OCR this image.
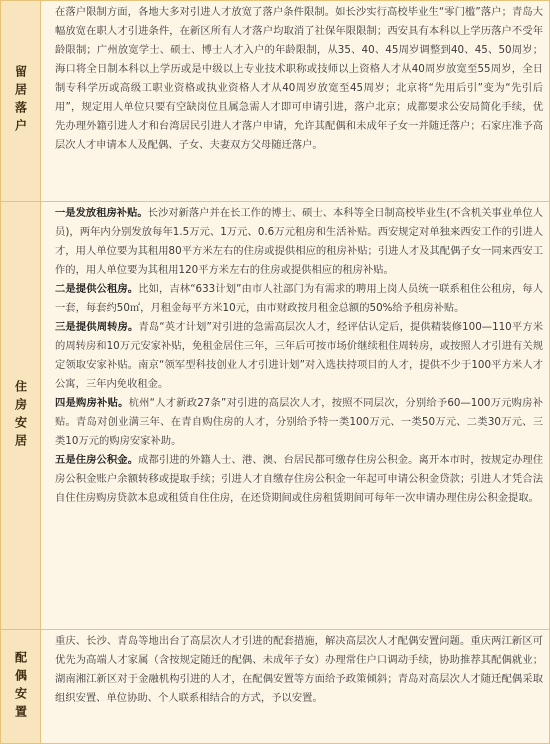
留居落户

在落户限制方面，各地大多对引进人才放宽了落户条件限制。如长沙实行高校毕业生“零门槛”落户；青岛大幅放宽在职人才引进条件，在新区所有人才落户均取消了社保年限限制；西安具有本科以上学历落户不受年龄限制；广州放宽学士、硕士、博士人才入户的年龄限制，从35、40、45周岁调整到40、45、50周岁；海口将全日制本科以上学历或是中级以上专业技术职称或技师以上资格人才从40周岁放宽至55周岁，全日制专科学历或高级工职业资格或执业资格人才从40周岁放宽至45周岁；北京将“先用后引”变为“先引后用”，规定用人单位只要有空缺岗位且属急需人才即可申请引进，落户北京；成都要求公安局简化手续，优先办理外籍引进人才和台湾居民引进人才落户申请，允许其配偶和未成年子女一并随迁落户；石家庄准予高层次人才申请本人及配偶、子女、夫妻双方父母随迁落户。

住房安居

一是发放租房补贴。长沙对新落户并在长工作的博士、硕士、本科等全日制高校毕业生(不含机关事业单位人员)，两年内分别发放每年1.5万元、1万元、0.6万元租房和生活补贴。西安规定对单独来西安工作的引进人才，用人单位要为其租用80平方米左右的住房或提供相应的租房补贴；引进人才及其配偶子女一同来西安工作的，用人单位要为其租用120平方米左右的住房或提供相应的租房补贴。

二是提供公租房。比如，吉林“633计划”由市人社部门为有需求的聘用上岗人员统一联系租住公租房，每人一套，每套约50㎡，月租金每平方米10元，由市财政按月租金总额的50%给予租房补贴。

三是提供周转房。青岛“英才计划”对引进的急需高层次人才，经评估认定后，提供精装修100—110平方米的周转房和10万元安家补贴，免租金居住三年，三年后可按市场价继续租住周转房，或按照人才引进有关规定领取安家补贴。南京“领军型科技创业人才引进计划”对入选扶持项目的人才，提供不少于100平方米人才公寓，三年内免收租金。

四是购房补贴。杭州“人才新政27条”对引进的高层次人才，按照不同层次，分别给予60—100万元购房补贴。青岛对创业满三年、在青自购住房的人才，分别给予特一类100万元、一类50万元、二类30万元、三类10万元的购房安家补助。

五是住房公积金。成都引进的外籍人士、港、澳、台居民都可缴存住房公积金。离开本市时，按规定办理住房公积金账户余额转移或提取手续；引进人才自缴存住房公积金一年起可申请公积金贷款；引进人才凭合法自住住房购房贷款本息或租赁自住住房，在还贷期间或住房租赁期间可每年一次申请办理住房公积金提取。

配偶安置

重庆、长沙、青岛等地出台了高层次人才引进的配套措施，解决高层次人才配偶安置问题。重庆两江新区可优先为高端人才家属（含按规定随迁的配偶、未成年子女）办理常住户口调动手续，协助推荐其配偶就业；湖南湘江新区对于金融机构引进的人才，在配偶安置等方面给予政策倾斜；青岛对高层次人才随迁配偶采取组织安置、单位协助、个人联系相结合的方式，予以安置。
